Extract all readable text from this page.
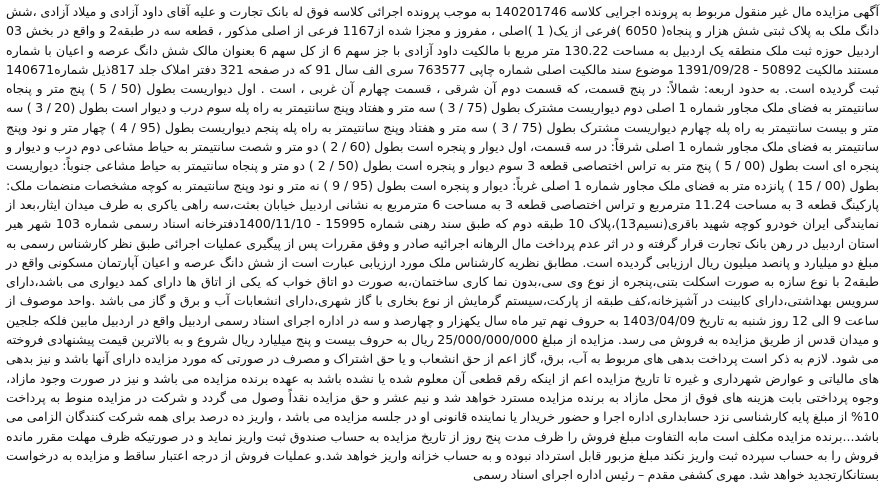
آگهی مزایده مال غیر منقول مربوط به پرونده اجرایی کلاسه 140201746 به موجب پرونده اجرائی کلاسه فوق له بانک تجارت و علیه آقای داود آزادی و میلاد آزادی ،شش دانگ ملک به پلاک ثبتی شش هزار و پنجاه( 6050 )فرعی از یک( 1 )اصلی ، مفروز و مجزا شده از1167 فرعی از اصلی مذکور ، قطعه سه در طبقه2 و واقع در بخش 03 اردبیل حوزه ثبت ملک منطقه یک اردبیل به مساحت 130.22 متر مربع با مالکیت داود آزادی با جز سهم 6 از کل سهم 6 بعنوان مالک شش دانگ عرصه و اعیان با شماره مستند مالکیت 50892 - 1391/09/28 موضوع سند مالکیت اصلی شماره چاپی 763577 سری الف سال 91 که در صفحه 321 دفتر املاک جلد 817ذیل شماره140671 ثبت گردیده است. به حدود اربعه: شمالاً: در پنج قسمت، که قسمت دوم آن شرقی ، قسمت چهارم آن غربی ، است . اول دیواریست بطول (50 / 5 ) پنج متر و پنجاه سانتیمتر به فضای ملک مجاور شماره 1 اصلی دوم دیواریست مشترک بطول (75 / 3 ) سه متر و هفتاد وپنج سانتیمتر به راه پله سوم درب و دیوار است بطول (20 / 3 ) سه متر و بیست سانتیمتر به راه پله چهارم دیواریست مشترک بطول (75 / 3 ) سه متر و هفتاد وپنج سانتیمتر به راه پله پنجم دیواریست بطول (95 / 4 ) چهار متر و نود وپنج سانتیمتر به فضای ملک مجاور شماره 1 اصلی شرقاً: در سه قسمت، اول دیوار و پنجره است بطول (60 / 2 ) دو متر و شصت سانتیمتر به حیاط مشاعی دوم درب و دیوار و پنجره ای است بطول (00 / 5 ) پنج متر به تراس اختصاصی قطعه 3 سوم دیوار و پنجره است بطول (50 / 2 ) دو متر و پنجاه سانتیمتر به حیاط مشاعی جنوباً: دیواریست بطول (00 / 15 ) پانزده متر به فضای ملک مجاور شماره 1 اصلی غرباً: دیوار و پنجره است بطول (95 / 9 ) نه متر و نود وپنج سانتیمتر به کوچه مشخصات منضمات ملک: پارکینگ قطعه 3 به مساحت 11.24 مترمربع و تراس اختصاصی قطعه 3 به مساحت 6 مترمربع به نشانی اردبیل خیابان بعثت،سه راهی یاکری به طرف میدان ایثار،بعد از نمایندگی ایران خودرو کوچه شهید باقری(نسیم13)،پلاک 10 طبقه دوم که طبق سند رهنی شماره 15995 - 1400/11/10دفترخانه اسناد رسمی شماره 103 شهر هیر استان اردبیل در رهن بانک تجارت قرار گرفته و در اثر عدم پرداخت مال الرهانه اجرائیه صادر و وفق مقررات پس از پیگیری عملیات اجرائی طبق نظر کارشناس رسمی به مبلغ دو میلیارد و پانصد میلیون ریال ارزیابی گردیده است. مطابق نظریه کارشناس ملک مورد ارزیابی عبارت است از شش دانگ عرصه و اعیان آپارتمان مسکونی واقع در طبقه2 با نوع سازه به صورت اسکلت بتنی،پنجره از نوع وی سی،بدون نما کاری ساختمان،به صورت دو اتاق خواب که یکی از اتاق ها دارای کمد دیواری می باشد،دارای سرویس بهداشتی،دارای کابینت در آشپزخانه،کف طبقه از پارکت،سیستم گرمایش از نوع بخاری با گاز شهری،دارای انشعابات آب و برق و گاز می باشد .واحد موصوف از ساعت 9 الی 12 روز شنبه به تاریخ 1403/04/09 به حروف نهم تیر ماه سال یکهزار و چهارصد و سه در اداره اجرای اسناد رسمی اردبیل واقع در اردبیل مابین فلکه جلجین و میدان قدس از طریق مزایده به فروش می رسد. مزایده از مبلغ 25/000/000/000 ریال به حروف بیست و پنج میلیارد ریال شروع و به بالاترین قیمت پیشنهادی فروخته می شود. لازم به ذکر است پرداخت بدهی های مربوط به آب، برق، گاز اعم از حق انشعاب و یا حق اشتراک و مصرف در صورتی که مورد مزایده دارای آنها باشد و نیز بدهی های مالیاتی و عوارض شهرداری و غیره تا تاریخ مزایده اعم از اینکه رقم قطعی آن معلوم شده یا نشده باشد به عهده برنده مزایده می باشد و نیز در صورت وجود مازاد، وجوه پرداختی بابت هزینه های فوق از محل مازاد به برنده مزایده مسترد خواهد شد و نیم عشر و حق مزایده نقداً وصول می گردد و شرکت در مزایده منوط به پرداخت 10% از مبلغ پایه کارشناسی نزد حسابداری اداره اجرا و حضور خریدار یا نماینده قانونی او در جلسه مزایده می باشد ، واریز ده درصد برای همه شرکت کنندگان الزامی می باشد...برنده مزایده مکلف است مابه التفاوت مبلغ فروش را ظرف مدت پنج روز از تاریخ مزایده به حساب صندوق ثبت واریز نماید و در صورتیکه ظرف مهلت مقرر مانده فروش را به حساب سپرده ثبت واریز نکند مبلغ مزبور قابل استرداد نبوده و به حساب خزانه واریز خواهد شد.و عملیات فروش از درجه اعتبار ساقط و مزایده به درخواست بستانکارتجدید خواهد شد. مهری کشفی مقدم – رئیس اداره اجرای اسناد رسمی
